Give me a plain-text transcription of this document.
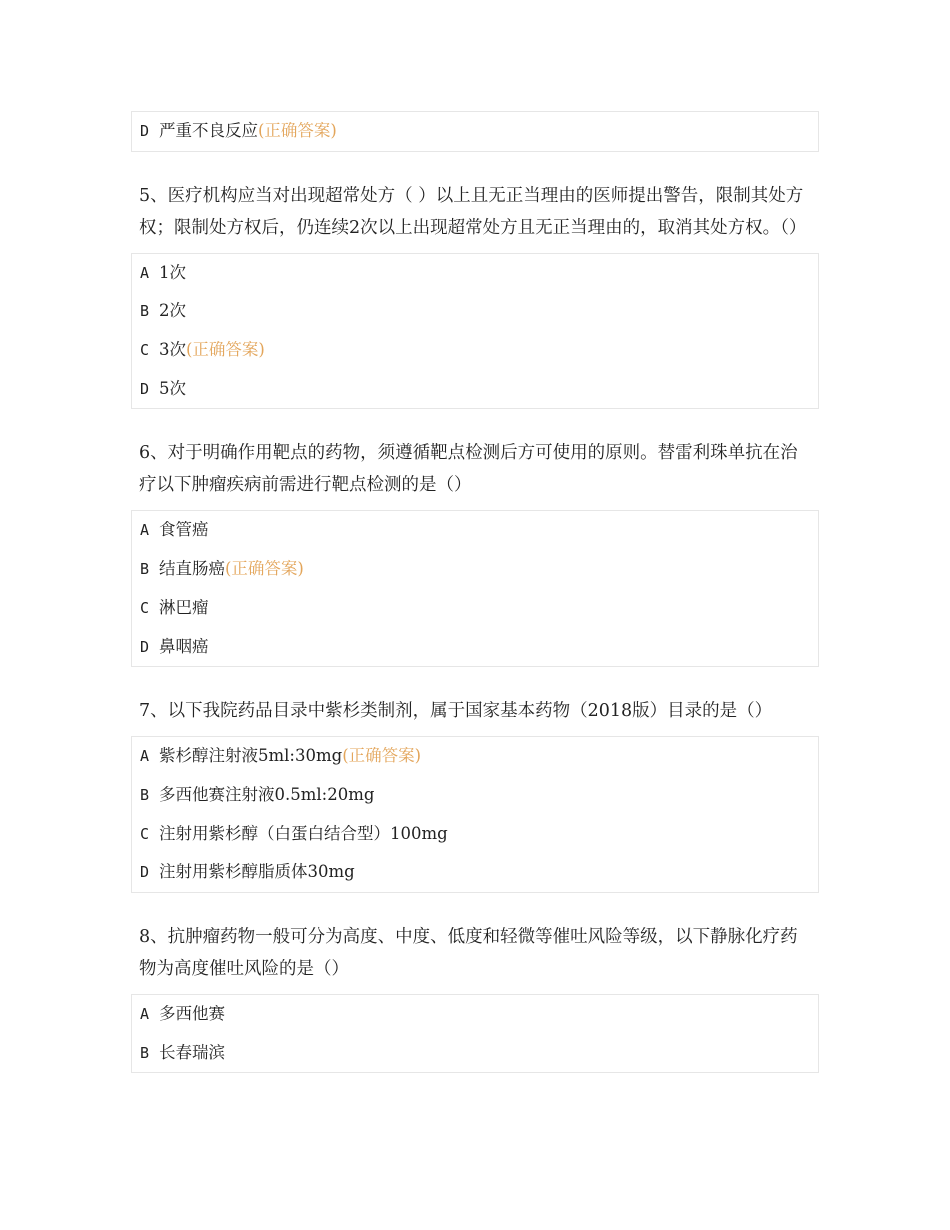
D 严重不良反应(正确答案)
5、医疗机构应当对出现超常处方（ ）以上且无正当理由的医师提出警告，限制其处方权；限制处方权后，仍连续2次以上出现超常处方且无正当理由的，取消其处方权。（）
A 1次
B 2次
C 3次(正确答案)
D 5次
6、对于明确作用靶点的药物，须遵循靶点检测后方可使用的原则。替雷利珠单抗在治疗以下肿瘤疾病前需进行靶点检测的是（）
A 食管癌
B 结直肠癌(正确答案)
C 淋巴瘤
D 鼻咽癌
7、以下我院药品目录中紫杉类制剂，属于国家基本药物（2018版）目录的是（）
A 紫杉醇注射液5ml:30mg(正确答案)
B 多西他赛注射液0.5ml:20mg
C 注射用紫杉醇（白蛋白结合型）100mg
D 注射用紫杉醇脂质体30mg
8、抗肿瘤药物一般可分为高度、中度、低度和轻微等催吐风险等级，以下静脉化疗药物为高度催吐风险的是（）
A 多西他赛
B 长春瑞滨
